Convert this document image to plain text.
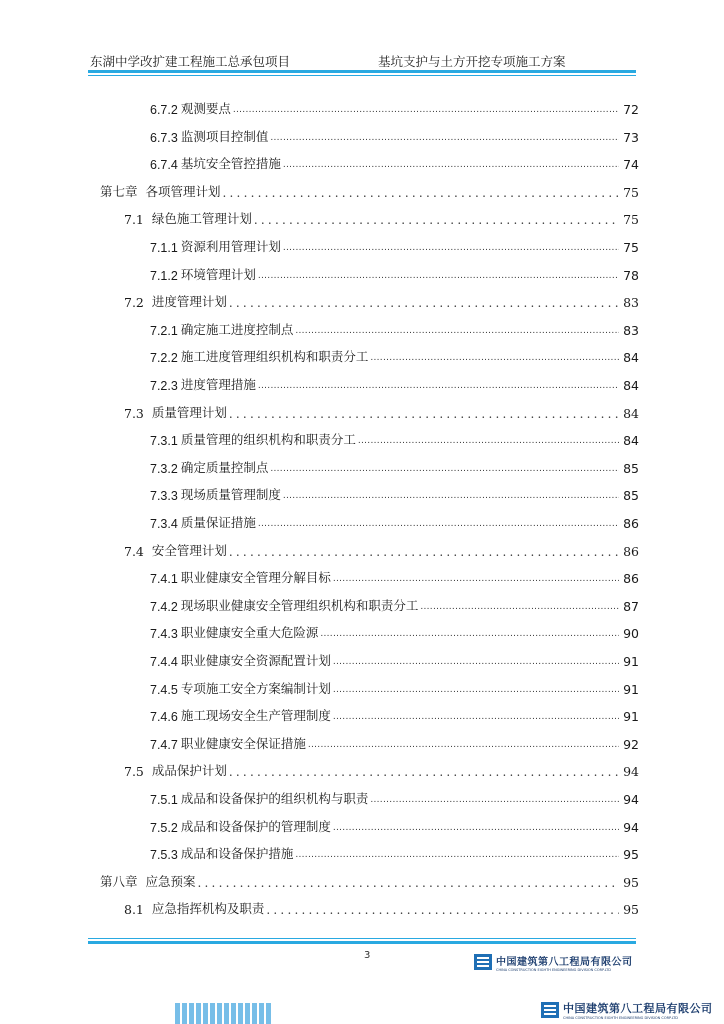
东湖中学改扩建工程施工总承包项目	基坑支护与土方开挖专项施工方案
6.7.2 观测要点 .....	72
6.7.3 监测项目控制值 .....	73
6.7.4 基坑安全管控措施 .....	74
第七章 各项管理计划 .....	75
7.1 绿色施工管理计划 .....	75
7.1.1 资源利用管理计划 .....	75
7.1.2 环境管理计划 .....	78
7.2 进度管理计划 .....	83
7.2.1 确定施工进度控制点 .....	83
7.2.2 施工进度管理组织机构和职责分工 .....	84
7.2.3 进度管理措施 .....	84
7.3 质量管理计划 .....	84
7.3.1 质量管理的组织机构和职责分工 .....	84
7.3.2 确定质量控制点 .....	85
7.3.3 现场质量管理制度 .....	85
7.3.4 质量保证措施 .....	86
7.4 安全管理计划 .....	86
7.4.1 职业健康安全管理分解目标 .....	86
7.4.2 现场职业健康安全管理组织机构和职责分工 .....	87
7.4.3 职业健康安全重大危险源 .....	90
7.4.4 职业健康安全资源配置计划 .....	91
7.4.5 专项施工安全方案编制计划 .....	91
7.4.6 施工现场安全生产管理制度 .....	91
7.4.7 职业健康安全保证措施 .....	92
7.5 成品保护计划 .....	94
7.5.1 成品和设备保护的组织机构与职责 .....	94
7.5.2 成品和设备保护的管理制度 .....	94
7.5.3 成品和设备保护措施 .....	95
第八章 应急预案 .....	95
8.1 应急指挥机构及职责 .....	95
3
中国建筑第八工程局有限公司
CHINA CONSTRUCTION EIGHTH ENGINEERING DIVISION CORP.LTD
中国建筑第八工程局有限公司
CHINA CONSTRUCTION EIGHTH ENGINEERING DIVISION CORP.LTD
